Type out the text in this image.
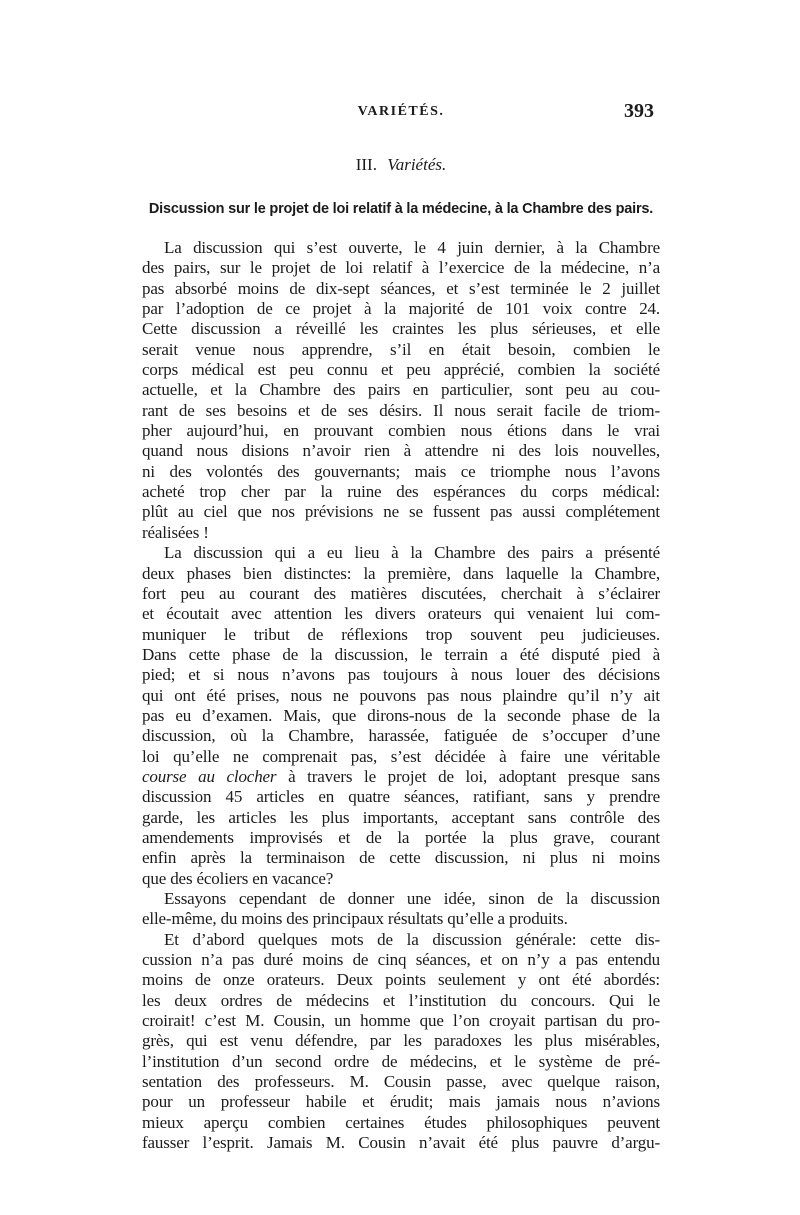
VARIÉTÉS.	393
III. Variétés.
Discussion sur le projet de loi relatif à la médecine, à la Chambre des pairs.
La discussion qui s’est ouverte, le 4 juin dernier, à la Chambre
des pairs, sur le projet de loi relatif à l’exercice de la médecine, n’a
pas absorbé moins de dix-sept séances, et s’est terminée le 2 juillet
par l’adoption de ce projet à la majorité de 101 voix contre 24.
Cette discussion a réveillé les craintes les plus sérieuses, et elle
serait venue nous apprendre, s’il en était besoin, combien le
corps médical est peu connu et peu apprécié, combien la société
actuelle, et la Chambre des pairs en particulier, sont peu au cou-
rant de ses besoins et de ses désirs. Il nous serait facile de triom-
pher aujourd’hui, en prouvant combien nous étions dans le vrai
quand nous disions n’avoir rien à attendre ni des lois nouvelles,
ni des volontés des gouvernants; mais ce triomphe nous l’avons
acheté trop cher par la ruine des espérances du corps médical:
plût au ciel que nos prévisions ne se fussent pas aussi complétement
réalisées !
La discussion qui a eu lieu à la Chambre des pairs a présenté
deux phases bien distinctes: la première, dans laquelle la Chambre,
fort peu au courant des matières discutées, cherchait à s’éclairer
et écoutait avec attention les divers orateurs qui venaient lui com-
muniquer le tribut de réflexions trop souvent peu judicieuses.
Dans cette phase de la discussion, le terrain a été disputé pied à
pied; et si nous n’avons pas toujours à nous louer des décisions
qui ont été prises, nous ne pouvons pas nous plaindre qu’il n’y ait
pas eu d’examen. Mais, que dirons-nous de la seconde phase de la
discussion, où la Chambre, harassée, fatiguée de s’occuper d’une
loi qu’elle ne comprenait pas, s’est décidée à faire une véritable
course au clocher à travers le projet de loi, adoptant presque sans
discussion 45 articles en quatre séances, ratifiant, sans y prendre
garde, les articles les plus importants, acceptant sans contrôle des
amendements improvisés et de la portée la plus grave, courant
enfin après la terminaison de cette discussion, ni plus ni moins
que des écoliers en vacance?
Essayons cependant de donner une idée, sinon de la discussion
elle-même, du moins des principaux résultats qu’elle a produits.
Et d’abord quelques mots de la discussion générale: cette dis-
cussion n’a pas duré moins de cinq séances, et on n’y a pas entendu
moins de onze orateurs. Deux points seulement y ont été abordés:
les deux ordres de médecins et l’institution du concours. Qui le
croirait! c’est M. Cousin, un homme que l’on croyait partisan du pro-
grès, qui est venu défendre, par les paradoxes les plus misérables,
l’institution d’un second ordre de médecins, et le système de pré-
sentation des professeurs. M. Cousin passe, avec quelque raison,
pour un professeur habile et érudit; mais jamais nous n’avions
mieux aperçu combien certaines études philosophiques peuvent
fausser l’esprit. Jamais M. Cousin n’avait été plus pauvre d’argu-
